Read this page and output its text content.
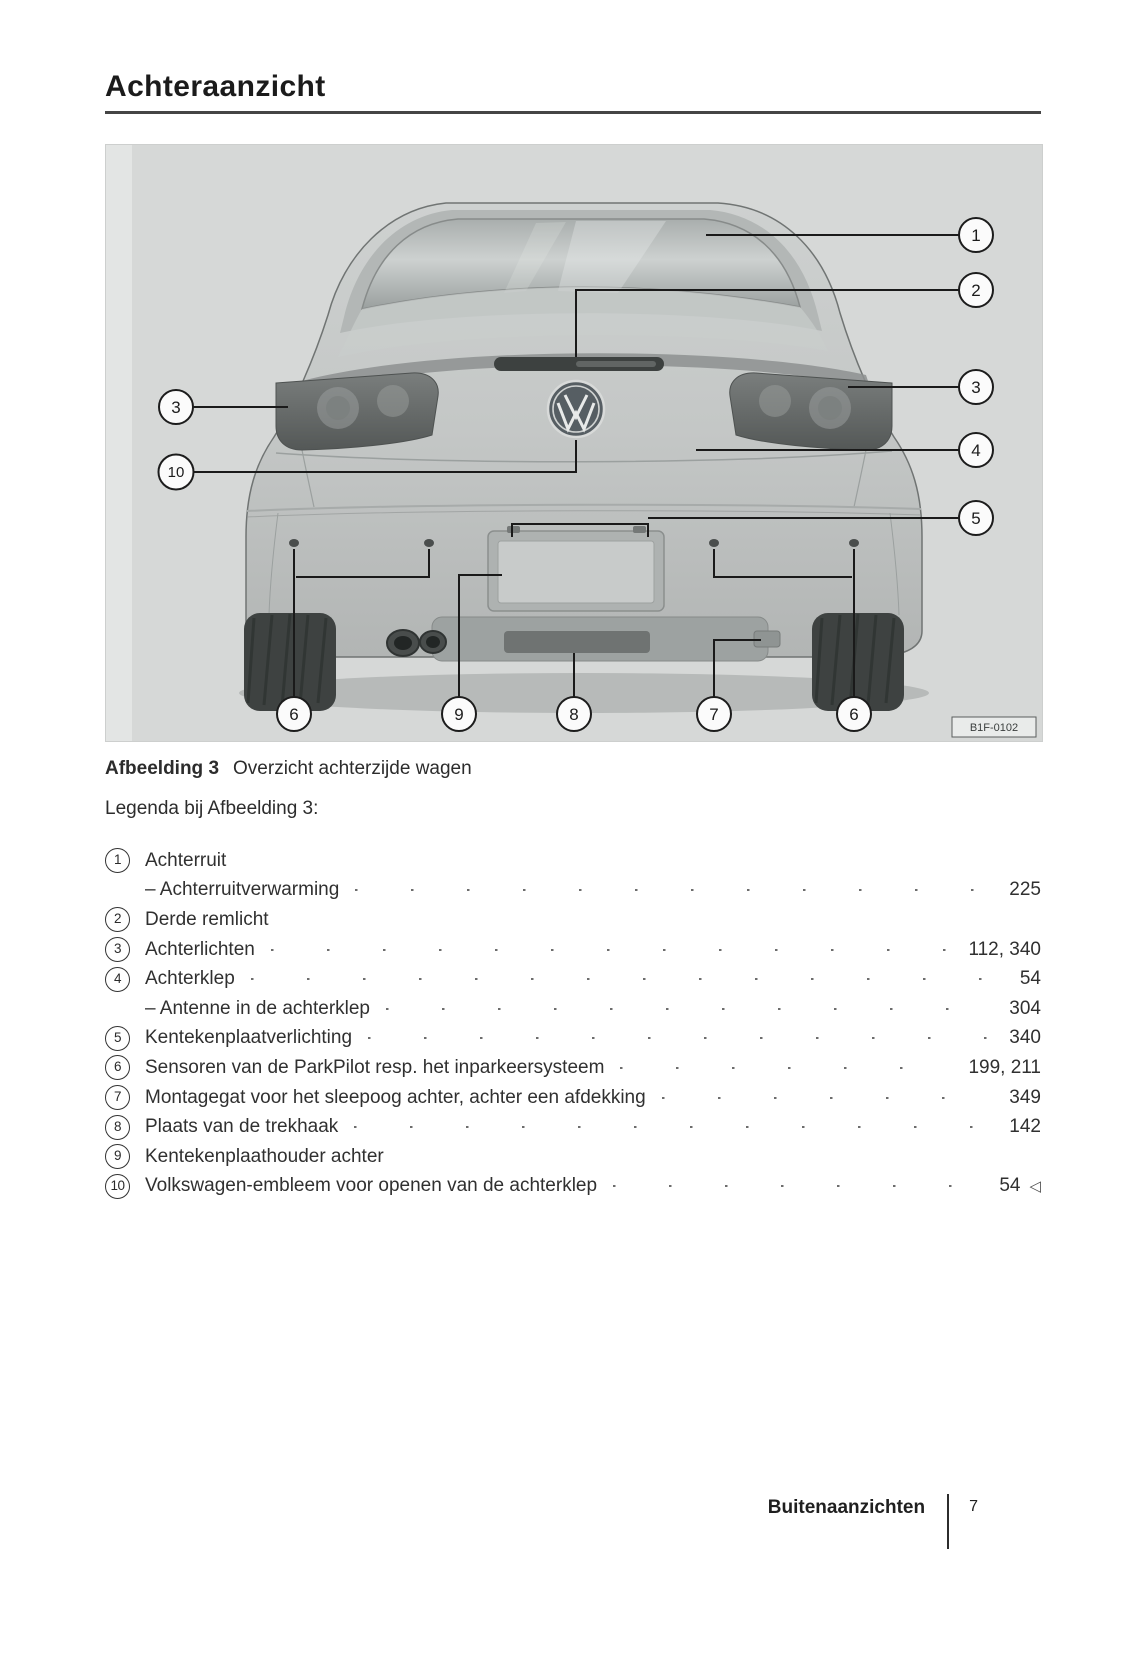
Achteraanzicht
1
2
3
4
5
3
10
6	9	8	7	6
B1F-0102

Afbeelding 3 Overzicht achterzijde wagen

Legenda bij Afbeelding 3:

1	Achterruit
– Achterruitverwarming	225
2	Derde remlicht
3	Achterlichten	112, 340
4	Achterklep	54
– Antenne in de achterklep	304
5	Kentekenplaatverlichting	340
6	Sensoren van de ParkPilot resp. het inparkeersysteem	199, 211
7	Montagegat voor het sleepoog achter, achter een afdekking	349
8	Plaats van de trekhaak	142
9	Kentekenplaathouder achter
10 Volkswagen-embleem voor openen van de achterklep	54 ◁
Buitenaanzichten	7
